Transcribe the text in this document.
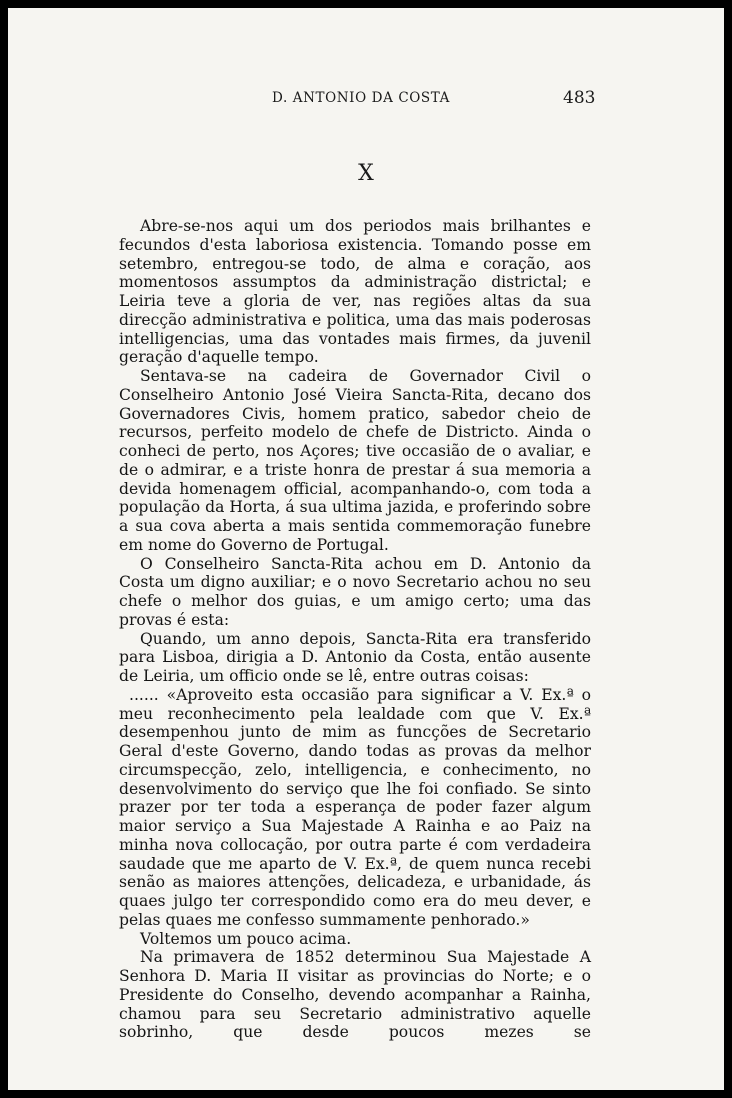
D. ANTONIO DA COSTA	483
X

Abre-se-nos aqui um dos periodos mais brilhantes e fecundos d'esta laboriosa existencia. Tomando posse em setembro, entregou-se todo, de alma e coração, aos momentosos assumptos da administração districtal; e Leiria teve a gloria de ver, nas regiões altas da sua direcção administrativa e politica, uma das mais poderosas intelligencias, uma das vontades mais firmes, da juvenil geração d'aquelle tempo.

Sentava-se na cadeira de Governador Civil o Conselheiro Antonio José Vieira Sancta-Rita, decano dos Governadores Civis, homem pratico, sabedor cheio de recursos, perfeito modelo de chefe de Districto. Ainda o conheci de perto, nos Açores; tive occasião de o avaliar, e de o admirar, e a triste honra de prestar á sua memoria a devida homenagem official, acompanhando-o, com toda a população da Horta, á sua ultima jazida, e proferindo sobre a sua cova aberta a mais sentida commemoração funebre em nome do Governo de Portugal.

O Conselheiro Sancta-Rita achou em D. Antonio da Costa um digno auxiliar; e o novo Secretario achou no seu chefe o melhor dos guias, e um amigo certo; uma das provas é esta:

Quando, um anno depois, Sancta-Rita era transferido para Lisboa, dirigia a D. Antonio da Costa, então ausente de Leiria, um officio onde se lê, entre outras coisas:

...... «Aproveito esta occasião para significar a V. Ex.ª o meu reconhecimento pela lealdade com que V. Ex.ª desempenhou junto de mim as funcções de Secretario Geral d'este Governo, dando todas as provas da melhor circumspecção, zelo, intelligencia, e conhecimento, no desenvolvimento do serviço que lhe foi confiado. Se sinto prazer por ter toda a esperança de poder fazer algum maior serviço a Sua Majestade A Rainha e ao Paiz na minha nova collocação, por outra parte é com verdadeira saudade que me aparto de V. Ex.ª, de quem nunca recebi senão as maiores attenções, delicadeza, e urbanidade, ás quaes julgo ter correspondido como era do meu dever, e pelas quaes me confesso summamente penhorado.»

Voltemos um pouco acima.

Na primavera de 1852 determinou Sua Majestade A Senhora D. Maria II visitar as provincias do Norte; e o Presidente do Conselho, devendo acompanhar a Rainha, chamou para seu Secretario administrativo aquelle sobrinho, que desde poucos mezes se
